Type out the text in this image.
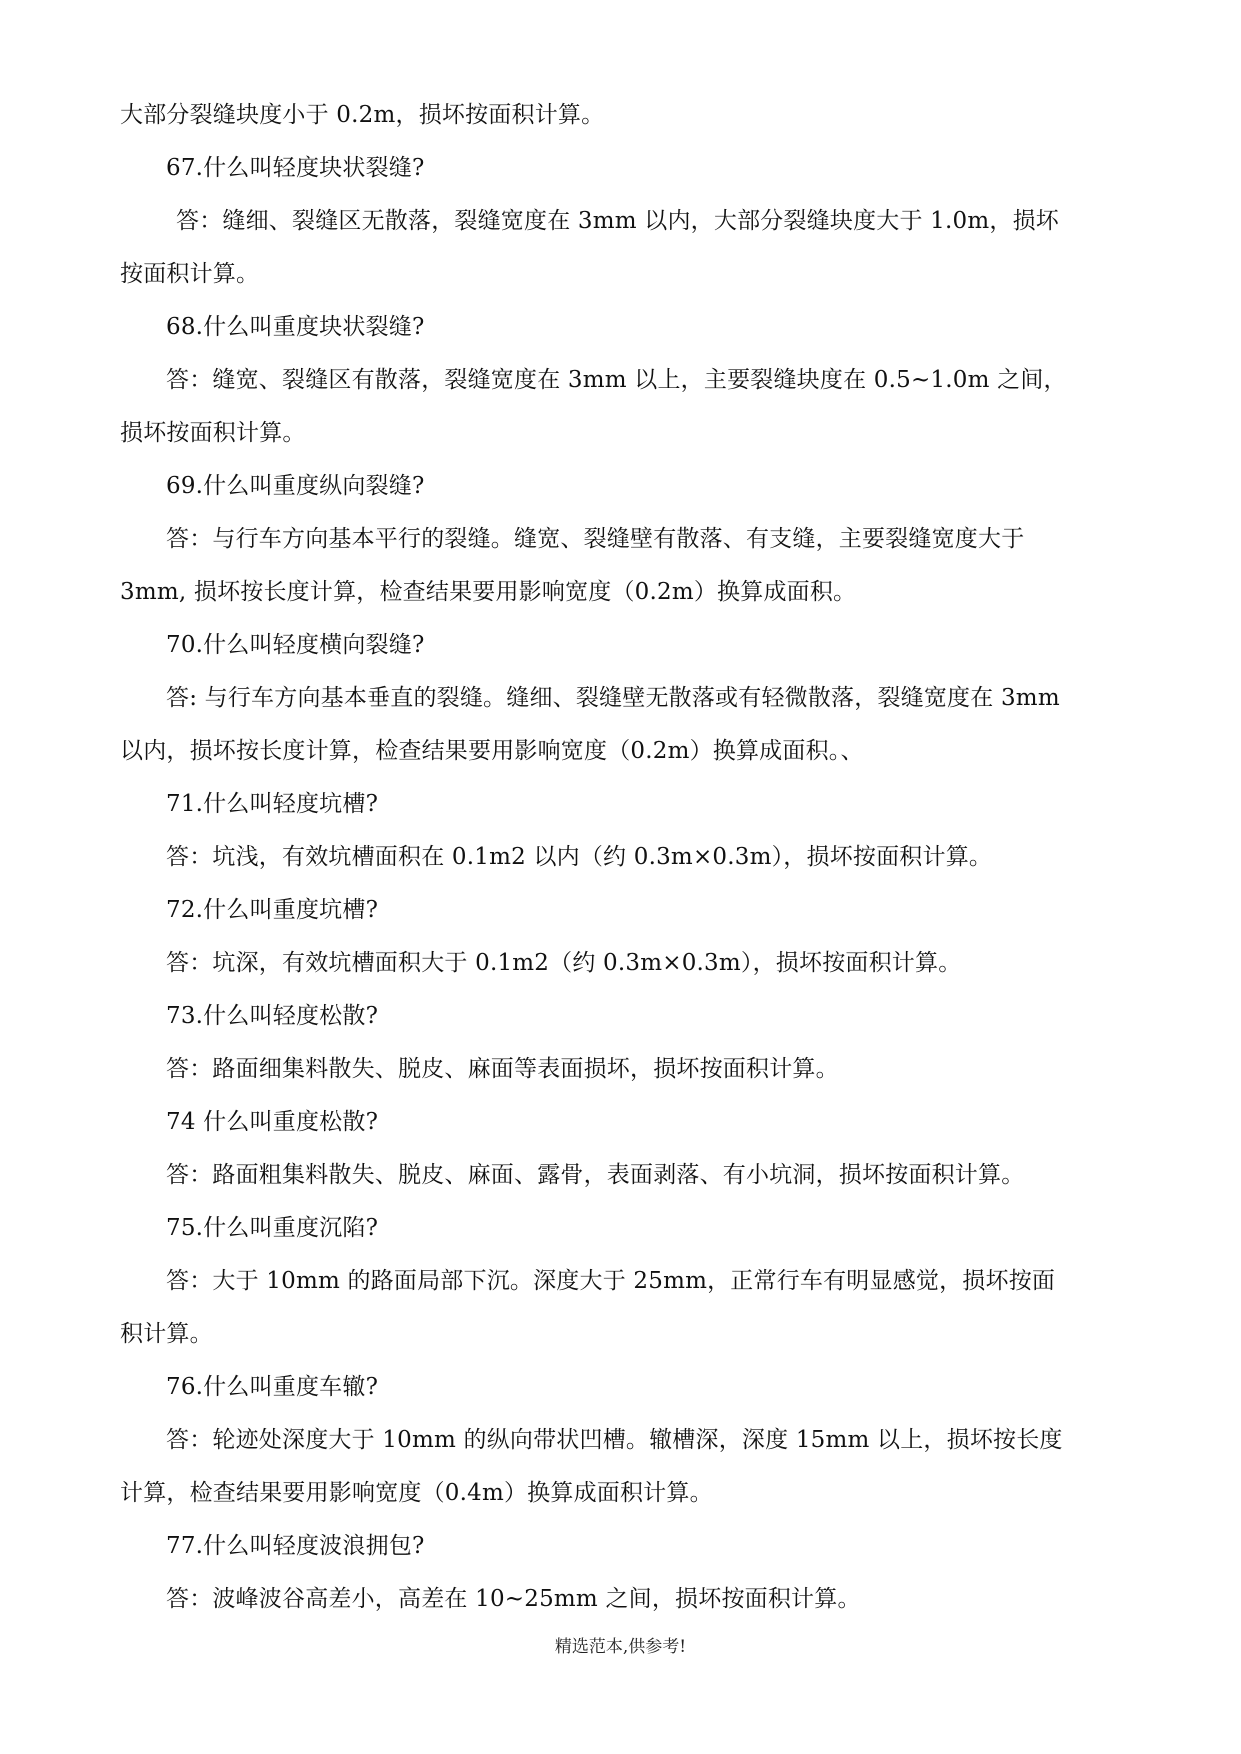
大部分裂缝块度小于 0.2m，损坏按面积计算。

67.什么叫轻度块状裂缝?

答：缝细、裂缝区无散落，裂缝宽度在 3mm 以内，大部分裂缝块度大于 1.0m，损坏

按面积计算。

68.什么叫重度块状裂缝?

答：缝宽、裂缝区有散落，裂缝宽度在 3mm 以上，主要裂缝块度在 0.5~1.0m 之间，

损坏按面积计算。

69.什么叫重度纵向裂缝?

答：与行车方向基本平行的裂缝。缝宽、裂缝壁有散落、有支缝，主要裂缝宽度大于

3mm, 损坏按长度计算，检查结果要用影响宽度（0.2m）换算成面积。

70.什么叫轻度横向裂缝?

答: 与行车方向基本垂直的裂缝。缝细、裂缝壁无散落或有轻微散落，裂缝宽度在 3mm

以内，损坏按长度计算，检查结果要用影响宽度（0.2m）换算成面积。、

71.什么叫轻度坑槽?

答：坑浅，有效坑槽面积在 0.1m2 以内（约 0.3m×0.3m），损坏按面积计算。

72.什么叫重度坑槽?

答：坑深，有效坑槽面积大于 0.1m2（约 0.3m×0.3m），损坏按面积计算。

73.什么叫轻度松散?

答：路面细集料散失、脱皮、麻面等表面损坏，损坏按面积计算。

74 什么叫重度松散?

答：路面粗集料散失、脱皮、麻面、露骨，表面剥落、有小坑洞，损坏按面积计算。

75.什么叫重度沉陷?

答：大于 10mm 的路面局部下沉。深度大于 25mm，正常行车有明显感觉，损坏按面

积计算。

76.什么叫重度车辙?

答：轮迹处深度大于 10mm 的纵向带状凹槽。辙槽深，深度 15mm 以上，损坏按长度

计算，检查结果要用影响宽度（0.4m）换算成面积计算。

77.什么叫轻度波浪拥包?

答：波峰波谷高差小，高差在 10~25mm 之间，损坏按面积计算。

精选范本,供参考!
